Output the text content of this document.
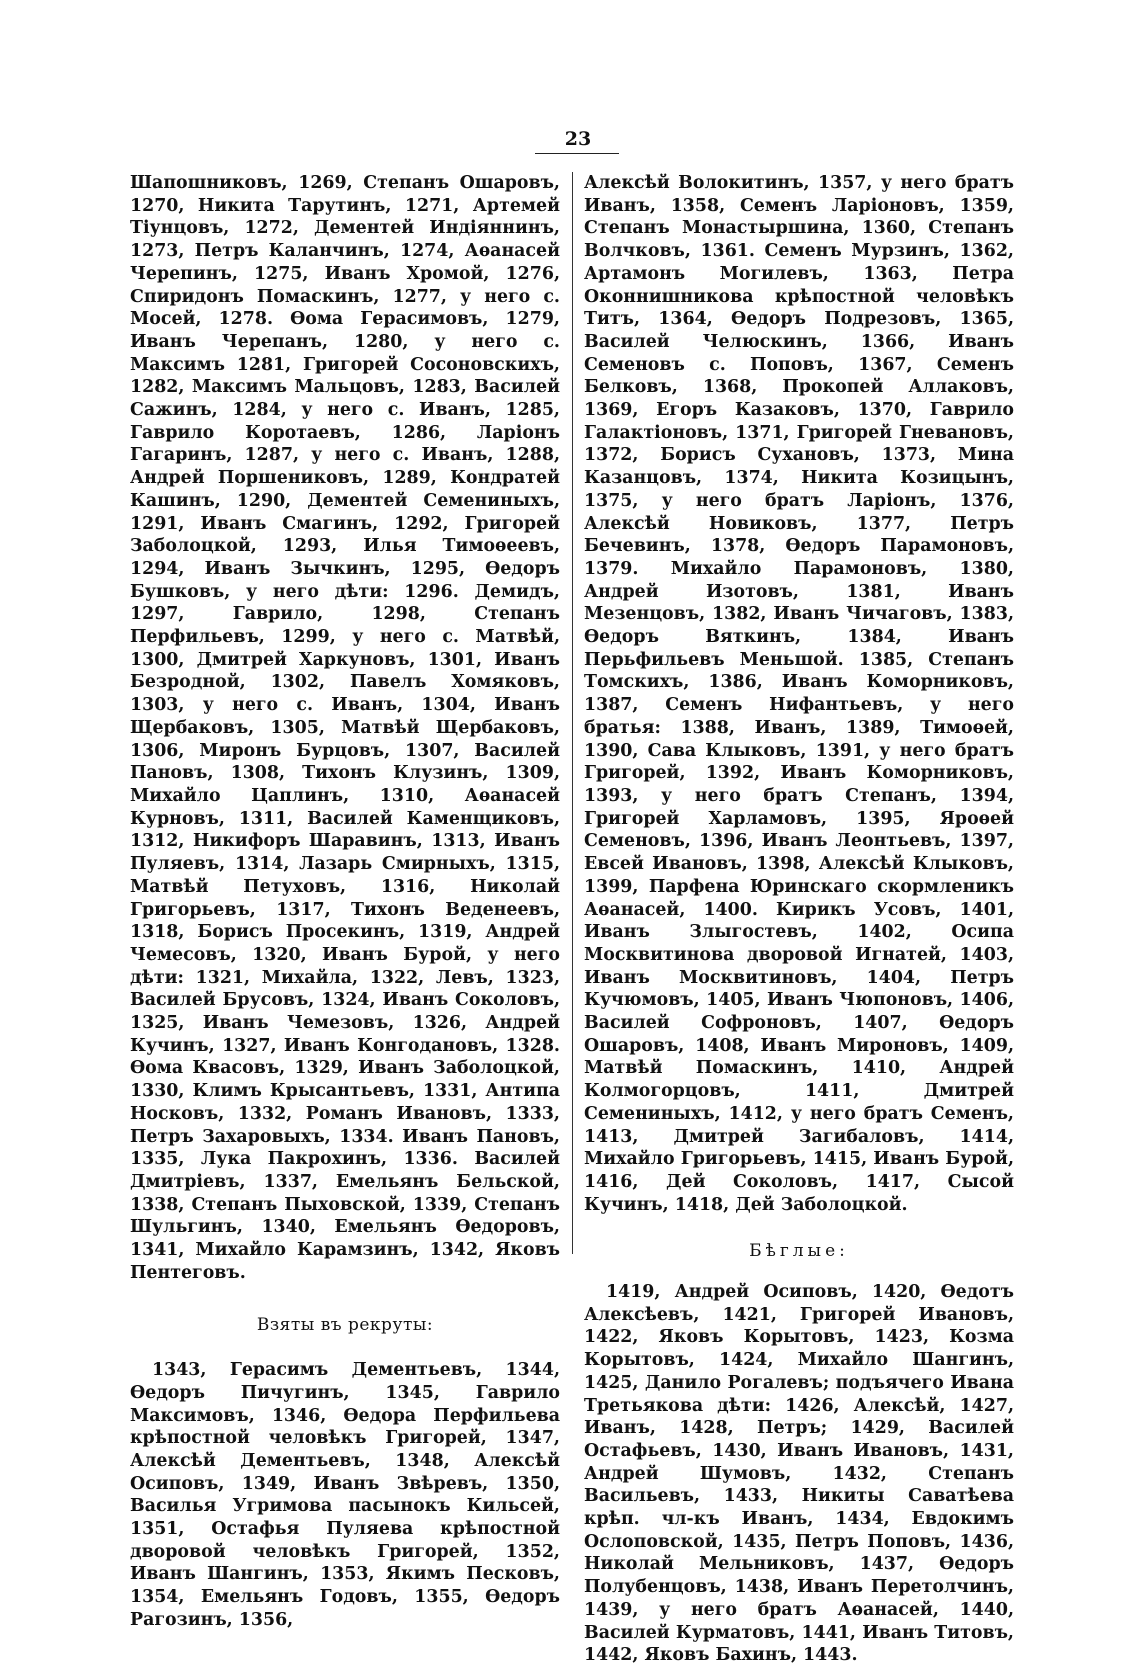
23

Шапошниковъ, 1269, Степанъ Ошаровъ, 1270, Никита Тарутинъ, 1271, Артемей Тіунцовъ, 1272, Дементей Индіяннинъ, 1273, Петръ Каланчинъ, 1274, Аѳанасей Черепинъ, 1275, Иванъ Хромой, 1276, Спиридонъ Помаскинъ, 1277, у него с. Мосей, 1278. Ѳома Герасимовъ, 1279, Иванъ Черепанъ, 1280, у него с. Максимъ 1281, Григорей Сосоновскихъ, 1282, Максимъ Мальцовъ, 1283, Василей Сажинъ, 1284, у него с. Иванъ, 1285, Гаврило Коротаевъ, 1286, Ларіонъ Гагаринъ, 1287, у него с. Иванъ, 1288, Андрей Поршениковъ, 1289, Кондратей Кашинъ, 1290, Дементей Семениныхъ, 1291, Иванъ Смагинъ, 1292, Григорей Заболоцкой, 1293, Илья Тимоѳеевъ, 1294, Иванъ Зычкинъ, 1295, Ѳедоръ Бушковъ, у него дѣти: 1296. Демидъ, 1297, Гаврило, 1298, Степанъ Перфильевъ, 1299, у него с. Матвѣй, 1300, Дмитрей Харкуновъ, 1301, Иванъ Безродной, 1302, Павелъ Хомяковъ, 1303, у него с. Иванъ, 1304, Иванъ Щербаковъ, 1305, Матвѣй Щербаковъ, 1306, Миронъ Бурцовъ, 1307, Василей Пановъ, 1308, Тихонъ Клузинъ, 1309, Михайло Цаплинъ, 1310, Аѳанасей Курновъ, 1311, Василей Каменщиковъ, 1312, Никифоръ Шаравинъ, 1313, Иванъ Пуляевъ, 1314, Лазарь Смирныхъ, 1315, Матвѣй Петуховъ, 1316, Николай Григорьевъ, 1317, Тихонъ Веденеевъ, 1318, Борисъ Просекинъ, 1319, Андрей Чемесовъ, 1320, Иванъ Бурой, у него дѣти: 1321, Михайла, 1322, Левъ, 1323, Василей Брусовъ, 1324, Иванъ Соколовъ, 1325, Иванъ Чемезовъ, 1326, Андрей Кучинъ, 1327, Иванъ Конгодановъ, 1328. Ѳома Квасовъ, 1329, Иванъ Заболоцкой, 1330, Климъ Крысантьевъ, 1331, Антипа Носковъ, 1332, Романъ Ивановъ, 1333, Петръ Захаровыхъ, 1334. Иванъ Пановъ, 1335, Лука Пакрохинъ, 1336. Василей Дмитріевъ, 1337, Емельянъ Бельской, 1338, Степанъ Пыховской, 1339, Степанъ Шульгинъ, 1340, Емельянъ Ѳедоровъ, 1341, Михайло Карамзинъ, 1342, Яковъ Пентеговъ.

Взяты въ рекруты:

1343, Герасимъ Дементьевъ, 1344, Ѳедоръ Пичугинъ, 1345, Гаврило Максимовъ, 1346, Ѳедора Перфильева крѣпостной человѣкъ Григорей, 1347, Алексѣй Дементьевъ, 1348, Алексѣй Осиповъ, 1349, Иванъ Звѣревъ, 1350, Василья Угримова пасынокъ Кильсей, 1351, Остафья Пуляева крѣпостной дворовой человѣкъ Григорей, 1352, Иванъ Шангинъ, 1353, Якимъ Песковъ, 1354, Емельянъ Годовъ, 1355, Ѳедоръ Рагозинъ, 1356,

Алексѣй Волокитинъ, 1357, у него братъ Иванъ, 1358, Семенъ Ларіоновъ, 1359, Степанъ Монастыршина, 1360, Степанъ Волчковъ, 1361. Семенъ Мурзинъ, 1362, Артамонъ Могилевъ, 1363, Петра Оконнишникова крѣпостной человѣкъ Титъ, 1364, Ѳедоръ Подрезовъ, 1365, Василей Челюскинъ, 1366, Иванъ Семеновъ с. Поповъ, 1367, Семенъ Белковъ, 1368, Прокопей Аллаковъ, 1369, Егоръ Казаковъ, 1370, Гаврило Галактіоновъ, 1371, Григорей Гневановъ, 1372, Борисъ Сухановъ, 1373, Мина Казанцовъ, 1374, Никита Козицынъ, 1375, у него братъ Ларіонъ, 1376, Алексѣй Новиковъ, 1377, Петръ Бечевинъ, 1378, Ѳедоръ Парамоновъ, 1379. Михайло Парамоновъ, 1380, Андрей Изотовъ, 1381, Иванъ Мезенцовъ, 1382, Иванъ Чичаговъ, 1383, Ѳедоръ Вяткинъ, 1384, Иванъ Перьфильевъ Меньшой. 1385, Степанъ Томскихъ, 1386, Иванъ Коморниковъ, 1387, Семенъ Нифантьевъ, у него братья: 1388, Иванъ, 1389, Тимоѳей, 1390, Сава Клыковъ, 1391, у него братъ Григорей, 1392, Иванъ Коморниковъ, 1393, у него братъ Степанъ, 1394, Григорей Харламовъ, 1395, Яроѳей Семеновъ, 1396, Иванъ Леонтьевъ, 1397, Евсей Ивановъ, 1398, Алексѣй Клыковъ, 1399, Парфена Юринскаго скормленикъ Аѳанасей, 1400. Кирикъ Усовъ, 1401, Иванъ Злыгостевъ, 1402, Осипа Москвитинова дворовой Игнатей, 1403, Иванъ Москвитиновъ, 1404, Петръ Кучюмовъ, 1405, Иванъ Чюпоновъ, 1406, Василей Софроновъ, 1407, Ѳедоръ Ошаровъ, 1408, Иванъ Мироновъ, 1409, Матвѣй Помаскинъ, 1410, Андрей Колмогорцовъ, 1411, Дмитрей Семениныхъ, 1412, у него братъ Семенъ, 1413, Дмитрей Загибаловъ, 1414, Михайло Григорьевъ, 1415, Иванъ Бурой, 1416, Дей Соколовъ, 1417, Сысой Кучинъ, 1418, Дей Заболоцкой.

Бѣглые:

1419, Андрей Осиповъ, 1420, Ѳедотъ Алексѣевъ, 1421, Григорей Ивановъ, 1422, Яковъ Корытовъ, 1423, Козма Корытовъ, 1424, Михайло Шангинъ, 1425, Данило Рогалевъ; подъячего Ивана Третьякова дѣти: 1426, Алексѣй, 1427, Иванъ, 1428, Петръ; 1429, Василей Остафьевъ, 1430, Иванъ Ивановъ, 1431, Андрей Шумовъ, 1432, Степанъ Васильевъ, 1433, Никиты Саватѣева крѣп. чл-къ Иванъ, 1434, Евдокимъ Ослоповской, 1435, Петръ Поповъ, 1436, Николай Мельниковъ, 1437, Ѳедоръ Полубенцовъ, 1438, Иванъ Перетолчинъ, 1439, у него братъ Аѳанасей, 1440, Василей Курматовъ, 1441, Иванъ Титовъ, 1442, Яковъ Бахинъ, 1443.
